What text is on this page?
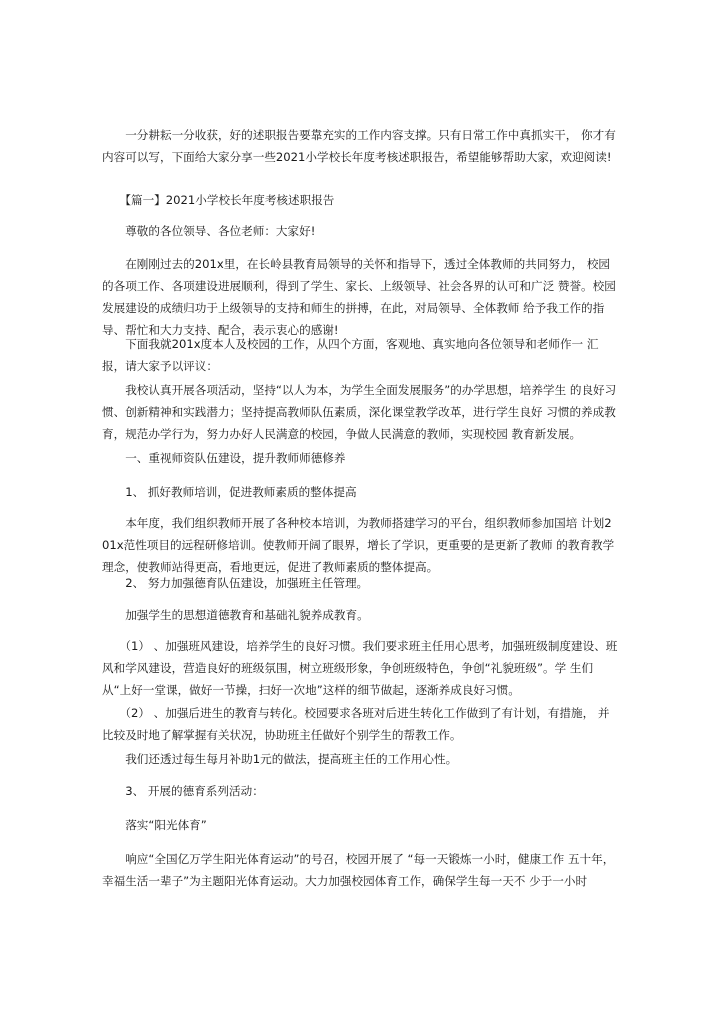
　　一分耕耘一分收获，好的述职报告要靠充实的工作内容支撑。只有日常工作中真抓实干， 你才有内容可以写，下面给大家分享一些2021小学校长年度考核述职报告，希望能够帮助大家，欢迎阅读!

　　【篇一】2021小学校长年度考核述职报告

　　尊敬的各位领导、各位老师：大家好!

　　在刚刚过去的201x里，在长岭县教育局领导的关怀和指导下，透过全体教师的共同努力， 校园的各项工作、各项建设进展顺利，得到了学生、家长、上级领导、社会各界的认可和广泛 赞誉。校园发展建设的成绩归功于上级领导的支持和师生的拼搏，在此，对局领导、全体教师 给予我工作的指导、帮忙和大力支持、配合，表示衷心的感谢!

　　下面我就201x度本人及校园的工作，从四个方面，客观地、真实地向各位领导和老师作一 汇报，请大家予以评议：

　　我校认真开展各项活动，坚持“以人为本，为学生全面发展服务”的办学思想，培养学生 的良好习惯、创新精神和实践潜力；坚持提高教师队伍素质，深化课堂教学改革，进行学生良好 习惯的养成教育，规范办学行为，努力办好人民满意的校园，争做人民满意的教师，实现校园 教育新发展。

　　一、重视师资队伍建设，提升教师师德修养

　　1、 抓好教师培训，促进教师素质的整体提高

　　本年度，我们组织教师开展了各种校本培训，为教师搭建学习的平台，组织教师参加国培 计划201x范性项目的远程研修培训。使教师开阔了眼界，增长了学识，更重要的是更新了教师 的教育教学理念，使教师站得更高，看地更远，促进了教师素质的整体提高。

　　2、 努力加强德育队伍建设，加强班主任管理。

　　加强学生的思想道德教育和基础礼貌养成教育。

　　（1） 、加强班风建设，培养学生的良好习惯。我们要求班主任用心思考，加强班级制度建设、班风和学风建设，营造良好的班级氛围，树立班级形象，争创班级特色，争创“礼貌班级”。学 生们从“上好一堂课，做好一节操，扫好一次地”这样的细节做起，逐渐养成良好习惯。

　　（2） 、加强后进生的教育与转化。校园要求各班对后进生转化工作做到了有计划，有措施， 并比较及时地了解掌握有关状况，协助班主任做好个别学生的帮教工作。

　　我们还透过每生每月补助1元的做法，提高班主任的工作用心性。

　　3、 开展的德育系列活动：

　　落实“阳光体育”

　　响应“全国亿万学生阳光体育运动”的号召，校园开展了 “每一天锻炼一小时，健康工作 五十年，幸福生活一辈子”为主题阳光体育运动。大力加强校园体育工作，确保学生每一天不 少于一小时
